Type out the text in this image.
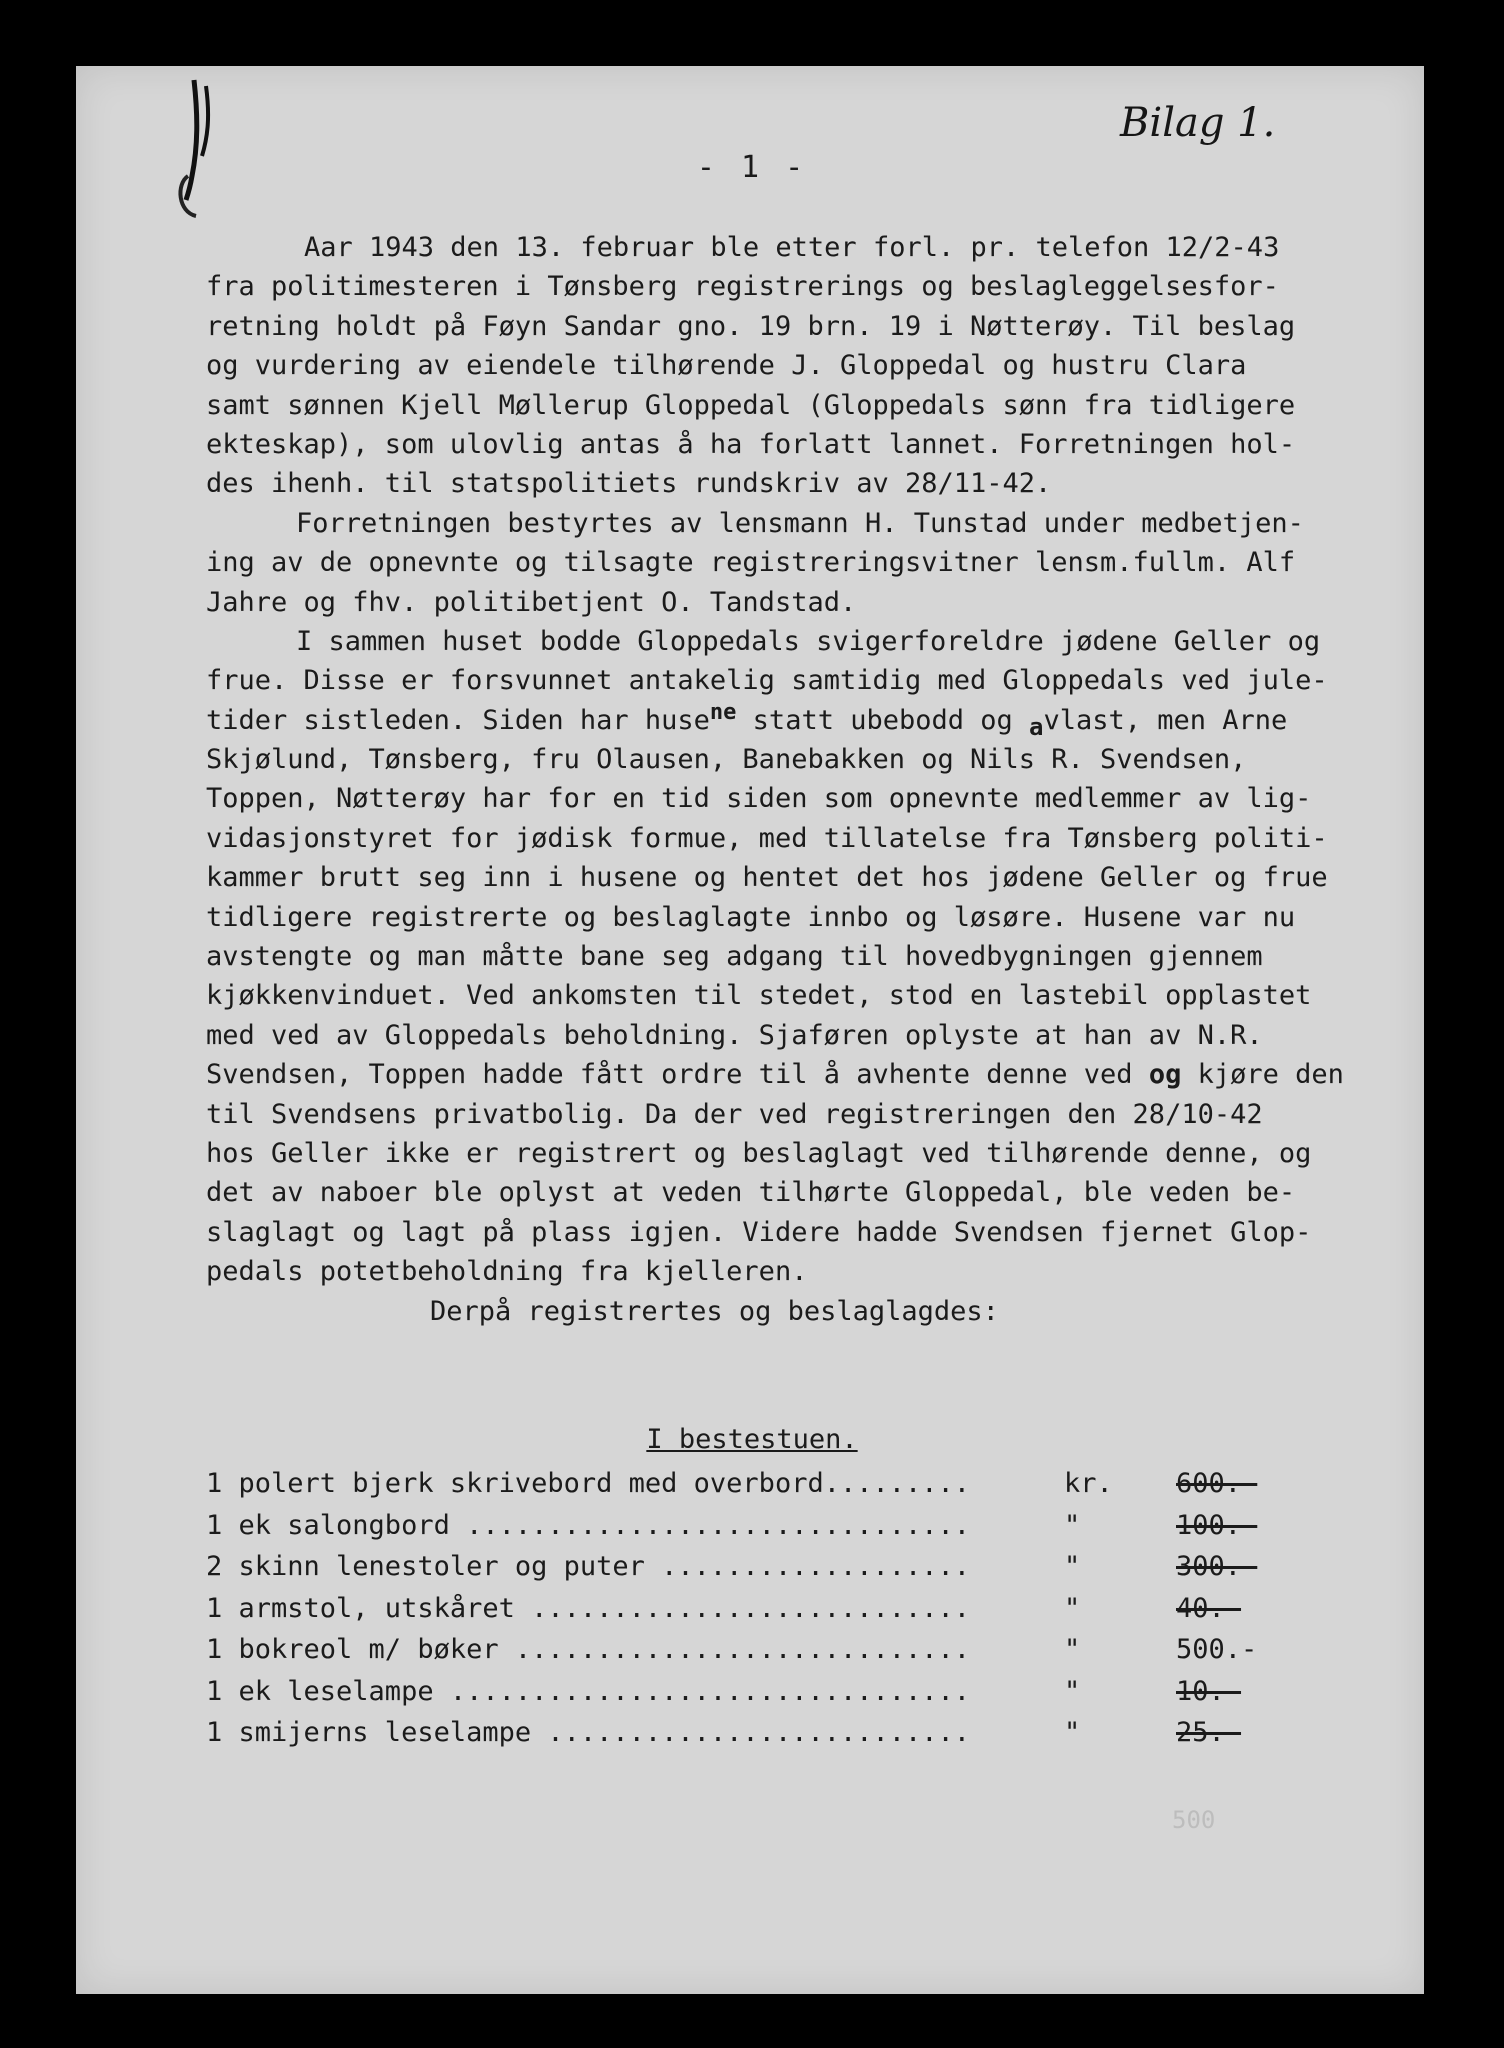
Bilag 1.
- 1 -
Aar 1943 den 13. februar ble etter forl. pr. telefon 12/2-43
fra politimesteren i Tønsberg registrerings og beslagleggelsesfor-
retning holdt på Føyn Sandar gno. 19 brn. 19 i Nøtterøy. Til beslag
og vurdering av eiendele tilhørende J. Gloppedal og hustru Clara
samt sønnen Kjell Møllerup Gloppedal (Gloppedals sønn fra tidligere
ekteskap), som ulovlig antas å ha forlatt lannet. Forretningen hol-
des ihenh. til statspolitiets rundskriv av 28/11-42.
Forretningen bestyrtes av lensmann H. Tunstad under medbetjen-
ing av de opnevnte og tilsagte registreringsvitner lensm.fullm. Alf
Jahre og fhv. politibetjent O. Tandstad.
I sammen huset bodde Gloppedals svigerforeldre jødene Geller og
frue. Disse er forsvunnet antakelig samtidig med Gloppedals ved jule-
tider sistleden. Siden har huse$^{ne}$ statt ubebodd og avlast, men Arne
Skjølund, Tønsberg, fru Olausen, Banebakken og Nils R. Svendsen,
Toppen, Nøtterøy har for en tid siden som opnevnte medlemmer av lig-
vidasjonstyret for jødisk formue, med tillatelse fra Tønsberg politi-
kammer brutt seg inn i husene og hentet det hos jødene Geller og frue
tidligere registrerte og beslaglagte innbo og løsøre. Husene var nu
avstengte og man måtte bane seg adgang til hovedbygningen gjennem
kjøkkenvinduet. Ved ankomsten til stedet, stod en lastebil opplastet
med ved av Gloppedals beholdning. Sjaføren oplyste at han av N.R.
Svendsen, Toppen hadde fått ordre til å avhente denne ved og kjøre den
til Svendsens privatbolig. Da der ved registreringen den 28/10-42
hos Geller ikke er registrert og beslaglagt ved tilhørende denne, og
det av naboer ble oplyst at veden tilhørte Gloppedal, ble veden be-
slaglagt og lagt på plass igjen. Videre hadde Svendsen fjernet Glop-
pedals potetbeholdning fra kjelleren.
Derpå registrertes og beslaglagdes:
I bestestuen.
1 polert bjerk skrivebord med overbord.........	kr. 600.-
1 ek salongbord ...............................	"	100.-
2 skinn lenestoler og puter ...................	"	300.-
1 armstol, utskåret ...........................	"	40.-
1 bokreol m/ bøker ............................	"	500.-
1 ek leselampe ................................	"	10.-
1 smijerns leselampe ..........................	"	25.-
500
